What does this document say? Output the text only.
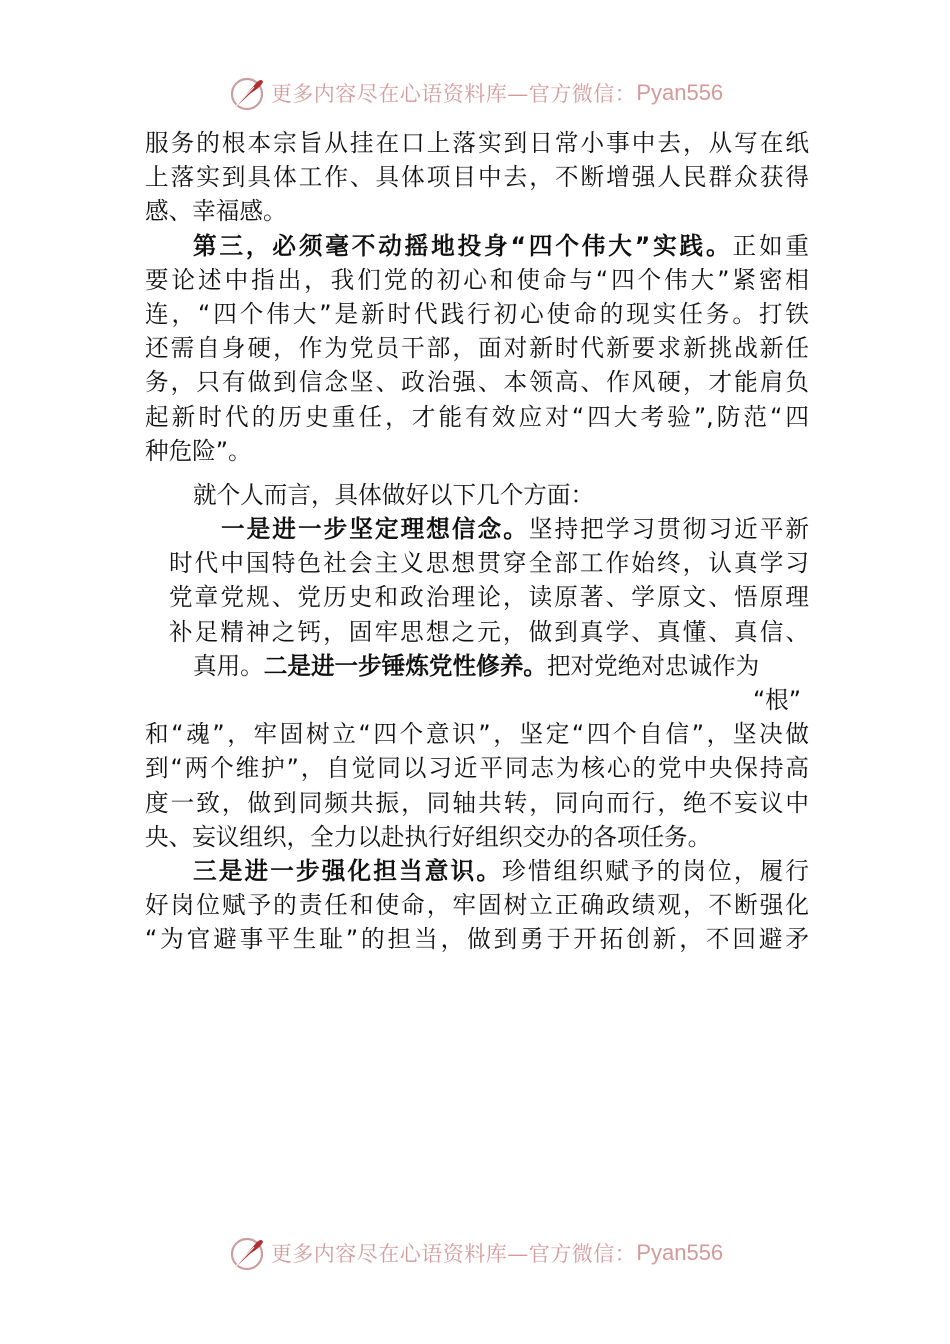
更多内容尽在心语资料库—官方微信： Pyan556
服务的根本宗旨从挂在口上落实到日常小事中去，从写在纸
上落实到具体工作、具体项目中去，不断增强人民群众获得
感、幸福感。
第三，必须毫不动摇地投身“四个伟大”实践。正如重
要论述中指出，我们党的初心和使命与“四个伟大”紧密相
连，“四个伟大”是新时代践行初心使命的现实任务。打铁
还需自身硬，作为党员干部，面对新时代新要求新挑战新任
务，只有做到信念坚、政治强、本领高、作风硬，才能肩负
起新时代的历史重任，才能有效应对“四大考验”,防范“四
种危险”。
就个人而言，具体做好以下几个方面：
一是进一步坚定理想信念。坚持把学习贯彻习近平新
时代中国特色社会主义思想贯穿全部工作始终，认真学习
党章党规、党历史和政治理论，读原著、学原文、悟原理
补足精神之钙，固牢思想之元，做到真学、真懂、真信、
真用。二是进一步锤炼党性修养。把对党绝对忠诚作为
“根”
和“魂”，牢固树立“四个意识”，坚定“四个自信”，坚决做
到“两个维护”，自觉同以习近平同志为核心的党中央保持高
度一致，做到同频共振，同轴共转，同向而行，绝不妄议中
央、妄议组织，全力以赴执行好组织交办的各项任务。
三是进一步强化担当意识。珍惜组织赋予的岗位，履行
好岗位赋予的责任和使命，牢固树立正确政绩观，不断强化
“为官避事平生耻”的担当，做到勇于开拓创新，不回避矛
更多内容尽在心语资料库—官方微信： Pyan556
